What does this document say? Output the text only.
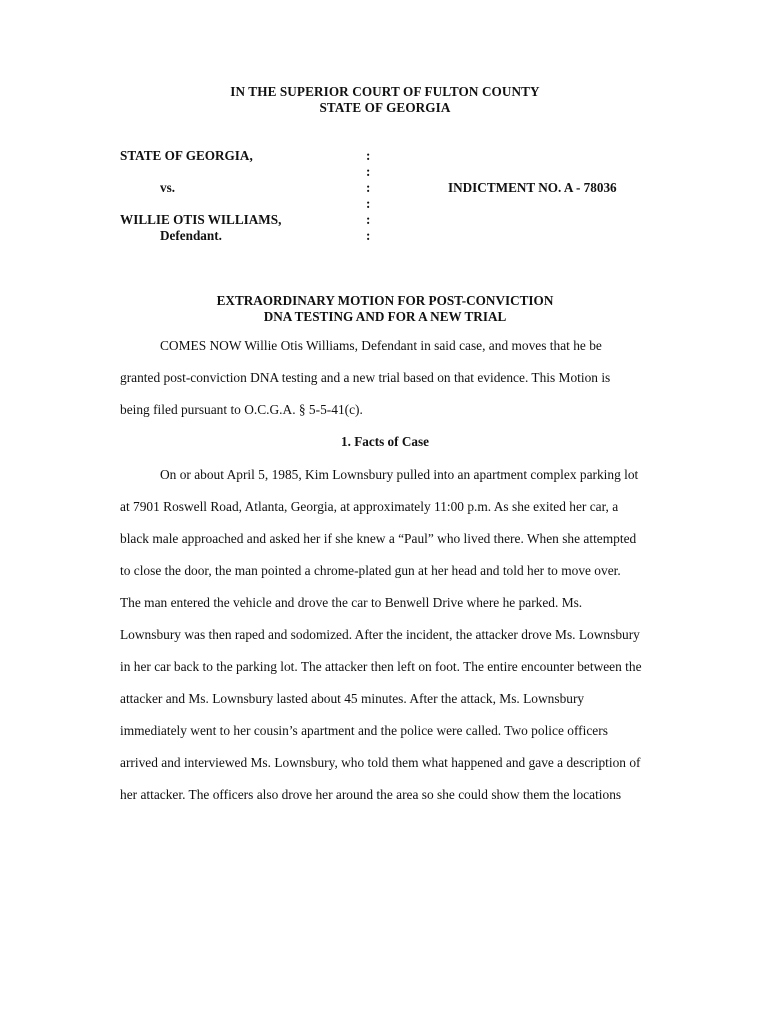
IN THE SUPERIOR COURT OF FULTON COUNTY
STATE OF GEORGIA
STATE OF GEORGIA,
vs.
WILLIE OTIS WILLIAMS,
Defendant.
:
:
:
:
:
:
INDICTMENT NO. A - 78036
EXTRAORDINARY MOTION FOR POST-CONVICTION
DNA TESTING AND FOR A NEW TRIAL
COMES NOW Willie Otis Williams, Defendant in said case, and moves that he be
granted post-conviction DNA testing and a new trial based on that evidence. This Motion is
being filed pursuant to O.C.G.A. § 5-5-41(c).
1. Facts of Case
On or about April 5, 1985, Kim Lownsbury pulled into an apartment complex parking lot
at 7901 Roswell Road, Atlanta, Georgia, at approximately 11:00 p.m. As she exited her car, a
black male approached and asked her if she knew a “Paul” who lived there. When she attempted
to close the door, the man pointed a chrome-plated gun at her head and told her to move over.
The man entered the vehicle and drove the car to Benwell Drive where he parked. Ms.
Lownsbury was then raped and sodomized. After the incident, the attacker drove Ms. Lownsbury
in her car back to the parking lot. The attacker then left on foot. The entire encounter between the
attacker and Ms. Lownsbury lasted about 45 minutes. After the attack, Ms. Lownsbury
immediately went to her cousin’s apartment and the police were called. Two police officers
arrived and interviewed Ms. Lownsbury, who told them what happened and gave a description of
her attacker. The officers also drove her around the area so she could show them the locations
